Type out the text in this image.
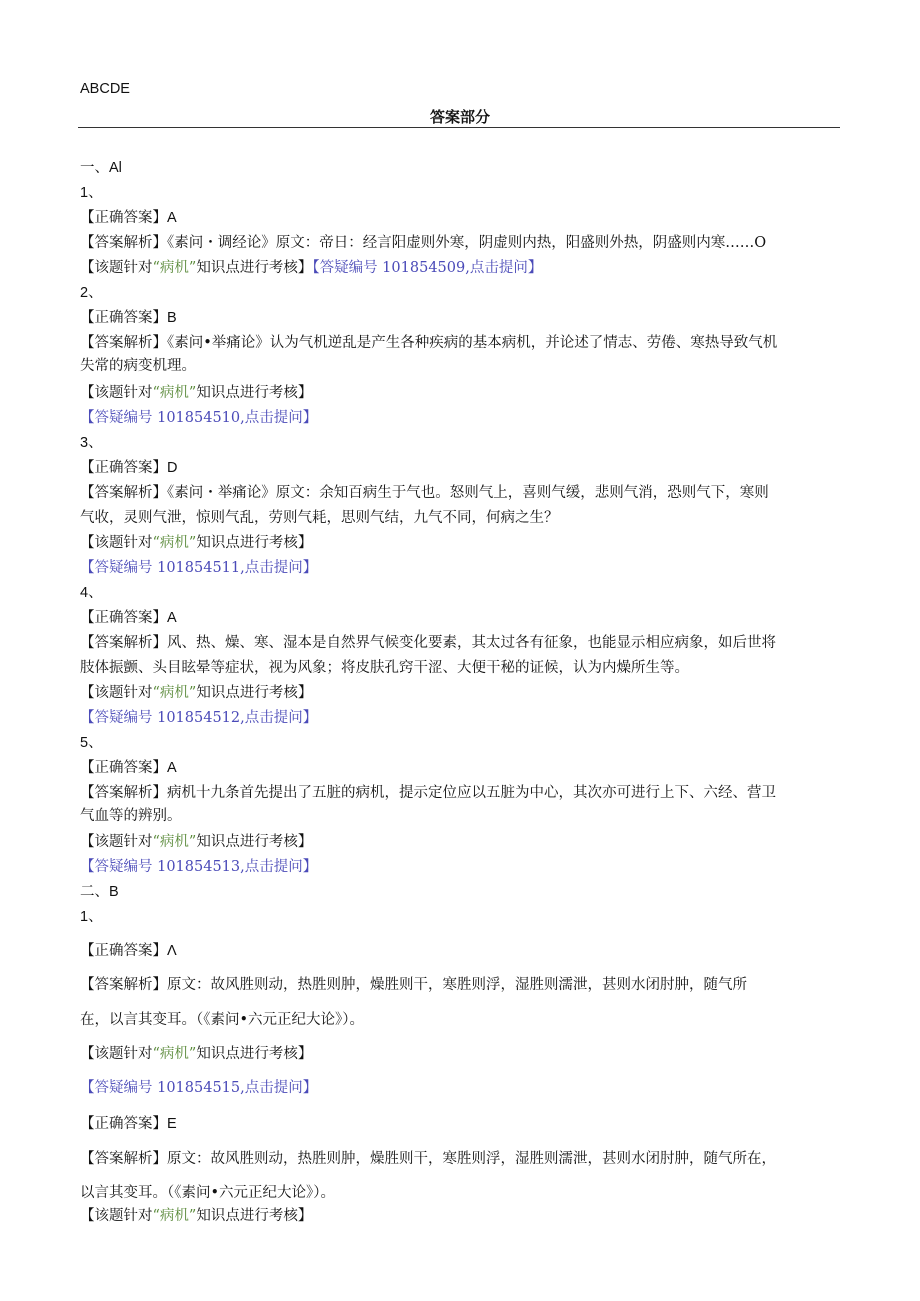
ABCDE
答案部分
一、Al
1、
【正确答案】A
【答案解析】《素问・调经论》原文：帝日：经言阳虚则外寒，阴虚则内热，阳盛则外热，阴盛则内寒……O
【该题针对“病机”知识点进行考核】【答疑编号 101854509,点击提问】
2、
【正确答案】B
【答案解析】《素问•举痛论》认为气机逆乱是产生各种疾病的基本病机，并论述了情志、劳倦、寒热导致气机
失常的病变机理。
【该题针对“病机”知识点进行考核】
【答疑编号 101854510,点击提问】
3、
【正确答案】D
【答案解析】《素问・举痛论》原文：余知百病生于气也。怒则气上，喜则气缓，悲则气消，恐则气下，寒则
气收，灵则气泄，惊则气乱，劳则气耗，思则气结，九气不同，何病之生？
【该题针对“病机”知识点进行考核】
【答疑编号 101854511,点击提问】
4、
【正确答案】A
【答案解析】风、热、燥、寒、湿本是自然界气候变化要素，其太过各有征象，也能显示相应病象，如后世将
肢体振颤、头目眩晕等症状，视为风象；将皮肤孔窍干涩、大便干秘的证候，认为内燥所生等。
【该题针对“病机”知识点进行考核】
【答疑编号 101854512,点击提问】
5、
【正确答案】A
【答案解析】病机十九条首先提出了五脏的病机，提示定位应以五脏为中心，其次亦可进行上下、六经、营卫
气血等的辨别。
【该题针对“病机”知识点进行考核】
【答疑编号 101854513,点击提问】
二、B
1、
【正确答案】Λ
【答案解析】原文：故风胜则动，热胜则肿，燥胜则干，寒胜则浮，湿胜则濡泄，甚则水闭肘肿，随气所
在，以言其变耳。（《素问•六元正纪大论》）。
【该题针对“病机”知识点进行考核】
【答疑编号 101854515,点击提问】
【正确答案】E
【答案解析】原文：故风胜则动，热胜则肿，燥胜则干，寒胜则浮，湿胜则濡泄，甚则水闭肘肿，随气所在，
以言其变耳。（《素问•六元正纪大论》）。
【该题针对“病机”知识点进行考核】
